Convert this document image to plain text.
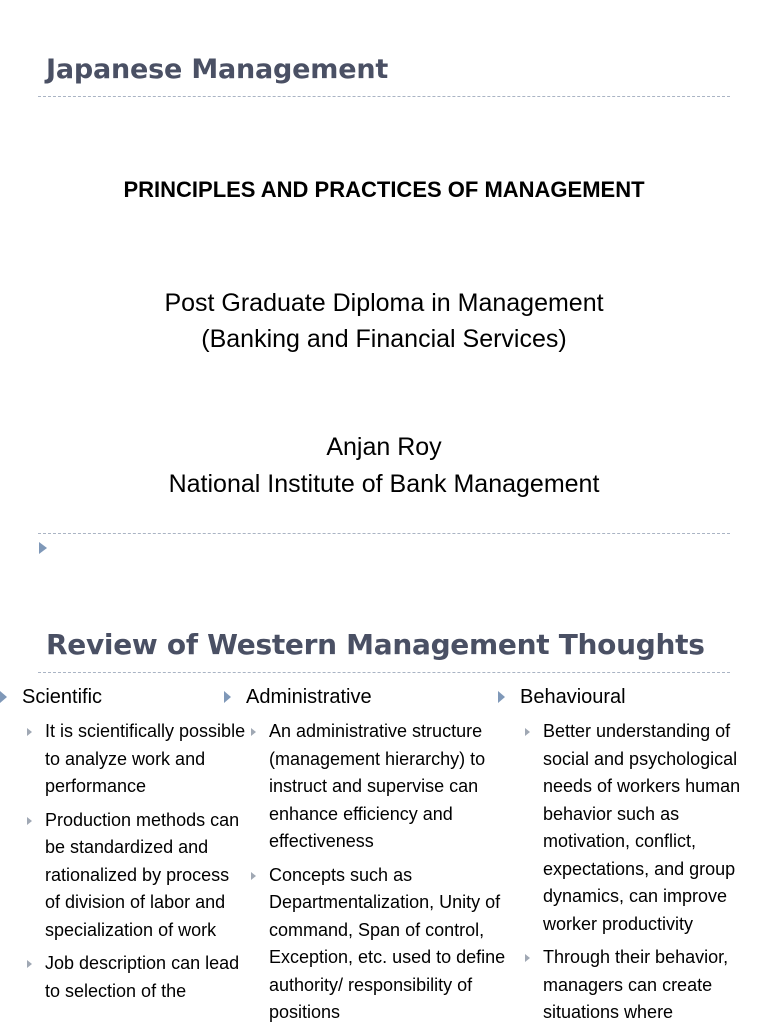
Japanese Management
PRINCIPLES AND PRACTICES OF MANAGEMENT
Post Graduate Diploma in Management
(Banking and Financial Services)
Anjan Roy
National Institute of Bank Management
Review of Western Management Thoughts
Scientific
It is scientifically possible to analyze work and performance
Production methods can be standardized and rationalized by process of division of labor and specialization of work
Job description can lead to selection of the
Administrative
An administrative structure (management hierarchy) to instruct and supervise can enhance efficiency and effectiveness
Concepts such as Departmentalization, Unity of command, Span of control, Exception, etc. used to define authority/ responsibility of positions
Behavioural
Better understanding of social and psychological needs of workers human behavior such as motivation, conflict, expectations, and group dynamics, can improve worker productivity
Through their behavior, managers can create situations where
